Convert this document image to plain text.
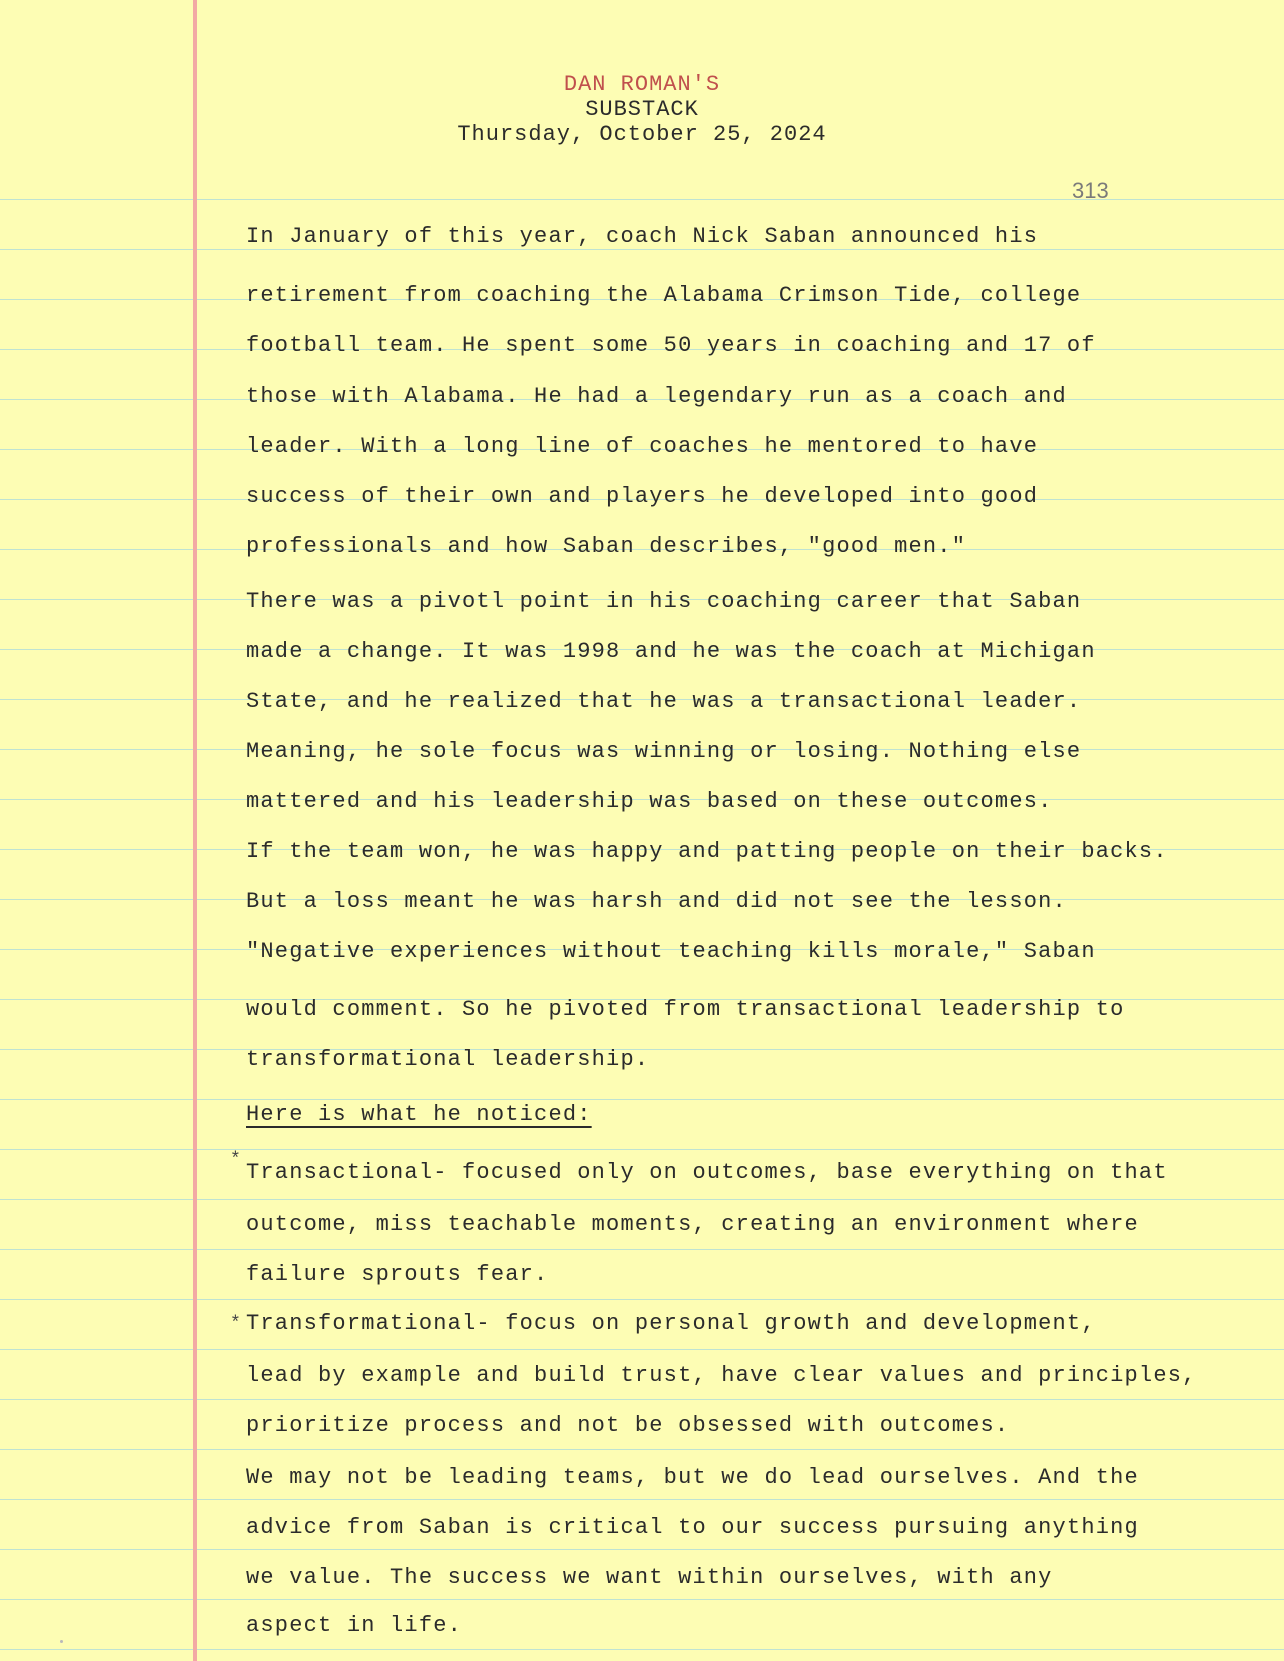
DAN ROMAN'S
SUBSTACK
Thursday, October 25, 2024
313
In January of this year, coach Nick Saban announced his
retirement from coaching the Alabama Crimson Tide, college
football team. He spent some 50 years in coaching and 17 of
those with Alabama. He had a legendary run as a coach and
leader. With a long line of coaches he mentored to have
success of their own and players he developed into good
professionals and how Saban describes, "good men."
There was a pivotl point in his coaching career that Saban
made a change. It was 1998 and he was the coach at Michigan
State, and he realized that he was a transactional leader.
Meaning, he sole focus was winning or losing. Nothing else
mattered and his leadership was based on these outcomes.
If the team won, he was happy and patting people on their backs.
But a loss meant he was harsh and did not see the lesson.
"Negative experiences without teaching kills morale," Saban
would comment. So he pivoted from transactional leadership to
transformational leadership.
Here is what he noticed:
* Transactional- focused only on outcomes, base everything on that
outcome, miss teachable moments, creating an environment where
failure sprouts fear.
* Transformational- focus on personal growth and development,
lead by example and build trust, have clear values and principles,
prioritize process and not be obsessed with outcomes.
We may not be leading teams, but we do lead ourselves. And the
advice from Saban is critical to our success pursuing anything
we value. The success we want within ourselves, with any
aspect in life.
